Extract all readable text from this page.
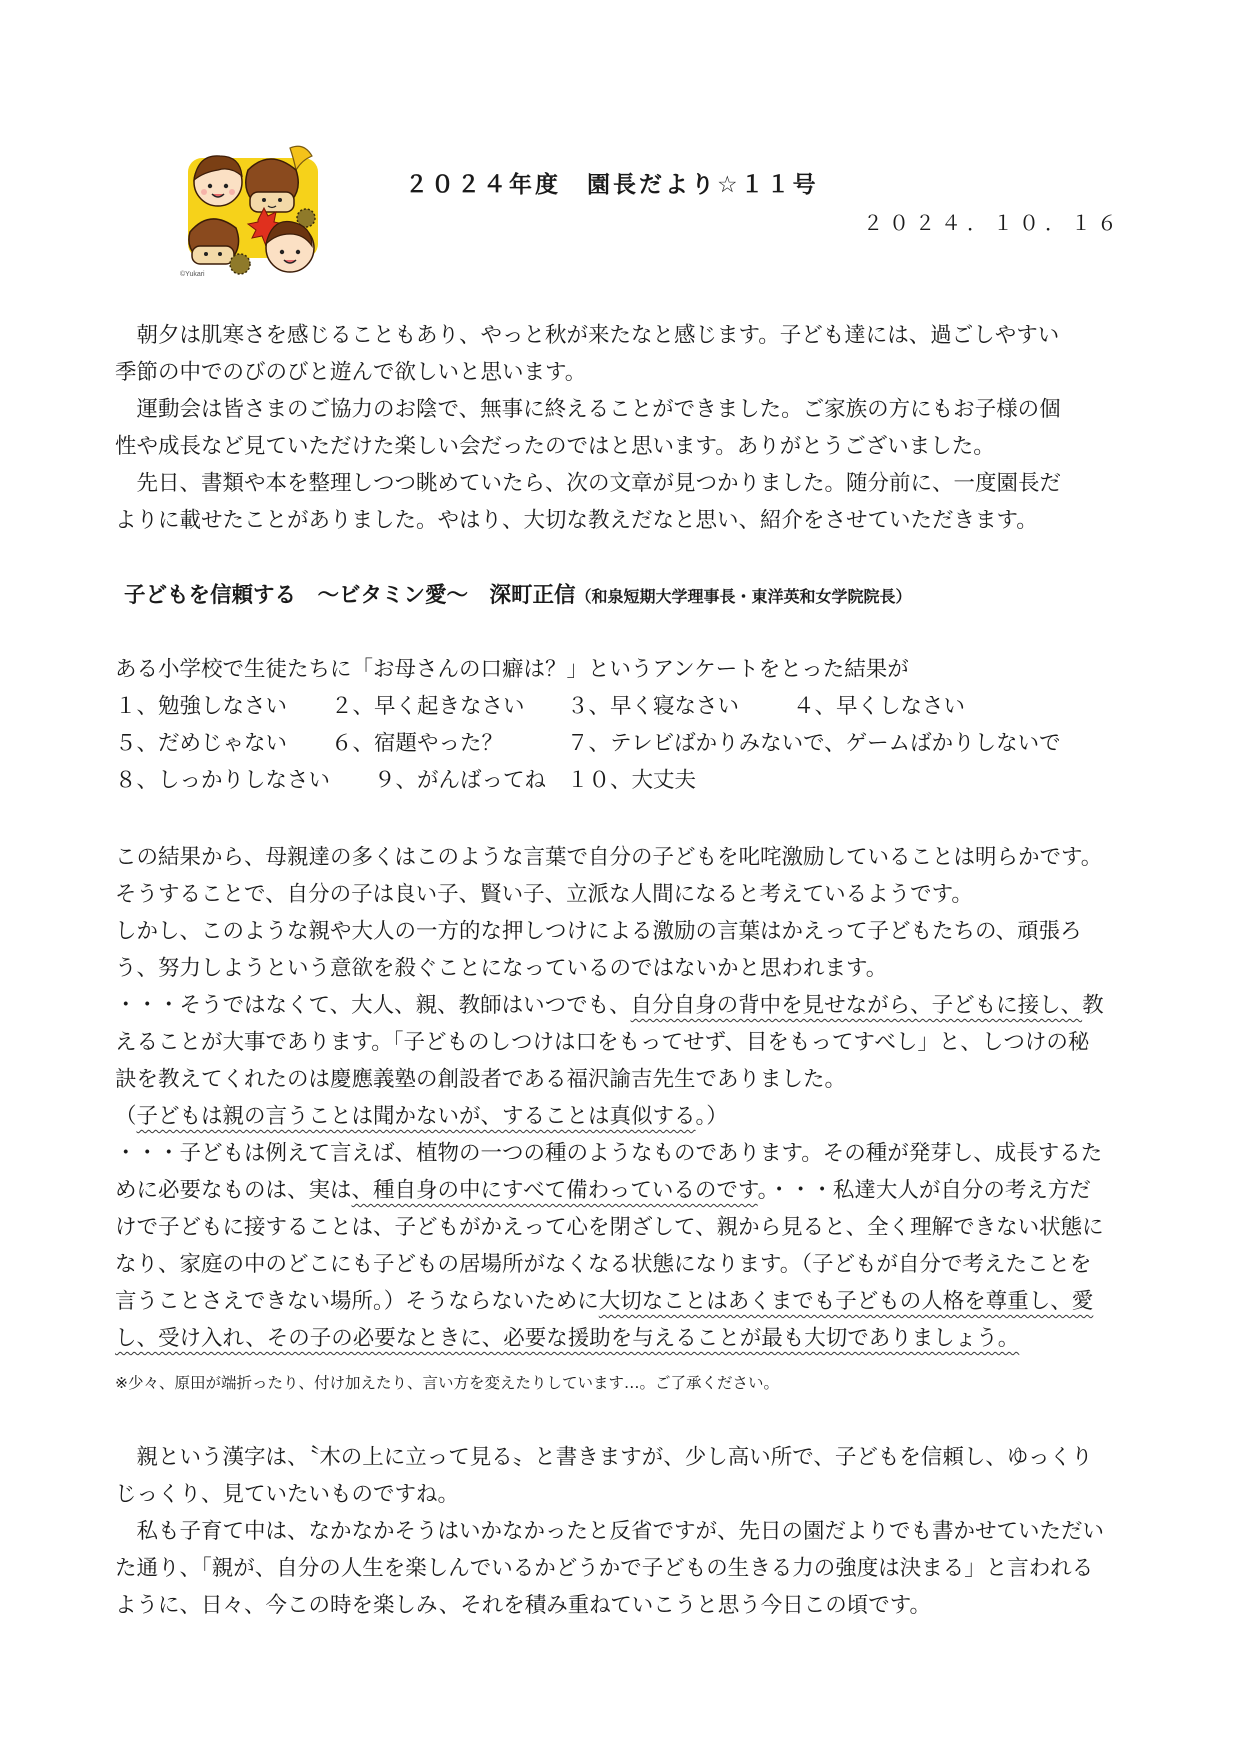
©Yukari
２０２４年度　園長だより☆１１号
２０２４．１０．１６

　朝夕は肌寒さを感じることもあり、やっと秋が来たなと感じます。子ども達には、過ごしやすい

季節の中でのびのびと遊んで欲しいと思います。

　運動会は皆さまのご協力のお陰で、無事に終えることができました。ご家族の方にもお子様の個

性や成長など見ていただけた楽しい会だったのではと思います。ありがとうございました。

　先日、書類や本を整理しつつ眺めていたら、次の文章が見つかりました。随分前に、一度園長だ

よりに載せたことがありました。やはり、大切な教えだなと思い、紹介をさせていただきます。

子どもを信頼する　～ビタミン愛～　深町正信（和泉短期大学理事長・東洋英和女学院院長）

ある小学校で生徒たちに「お母さんの口癖は？」というアンケートをとった結果が

１、勉強しなさい	２、早く起きなさい	３、早く寝なさい	４、早くしなさい
５、だめじゃない	６、宿題やった？	７、テレビばかりみないで、ゲームばかりしないで
８、しっかりしなさい	９、がんばってね １０、大丈夫

この結果から、母親達の多くはこのような言葉で自分の子どもを叱咤激励していることは明らかです。

そうすることで、自分の子は良い子、賢い子、立派な人間になると考えているようです。

しかし、このような親や大人の一方的な押しつけによる激励の言葉はかえって子どもたちの、頑張ろ

う、努力しようという意欲を殺ぐことになっているのではないかと思われます。

・・・そうではなくて、大人、親、教師はいつでも、自分自身の背中を見せながら、子どもに接し、教

えることが大事であります。「子どものしつけは口をもってせず、目をもってすべし」と、しつけの秘

訣を教えてくれたのは慶應義塾の創設者である福沢諭吉先生でありました。

（子どもは親の言うことは聞かないが、することは真似する。）

・・・子どもは例えて言えば、植物の一つの種のようなものであります。その種が発芽し、成長するた

めに必要なものは、実は、種自身の中にすべて備わっているのです。・・・私達大人が自分の考え方だ

けで子どもに接することは、子どもがかえって心を閉ざして、親から見ると、全く理解できない状態に

なり、家庭の中のどこにも子どもの居場所がなくなる状態になります。（子どもが自分で考えたことを

言うことさえできない場所。）そうならないために大切なことはあくまでも子どもの人格を尊重し、愛

し、受け入れ、その子の必要なときに、必要な援助を与えることが最も大切でありましょう。

※少々、原田が端折ったり、付け加えたり、言い方を変えたりしています…。ご了承ください。

　親という漢字は、〝木の上に立って見る〟と書きますが、少し高い所で、子どもを信頼し、ゆっくり

じっくり、見ていたいものですね。

　私も子育て中は、なかなかそうはいかなかったと反省ですが、先日の園だよりでも書かせていただい

た通り、「親が、自分の人生を楽しんでいるかどうかで子どもの生きる力の強度は決まる」と言われる

ように、日々、今この時を楽しみ、それを積み重ねていこうと思う今日この頃です。
